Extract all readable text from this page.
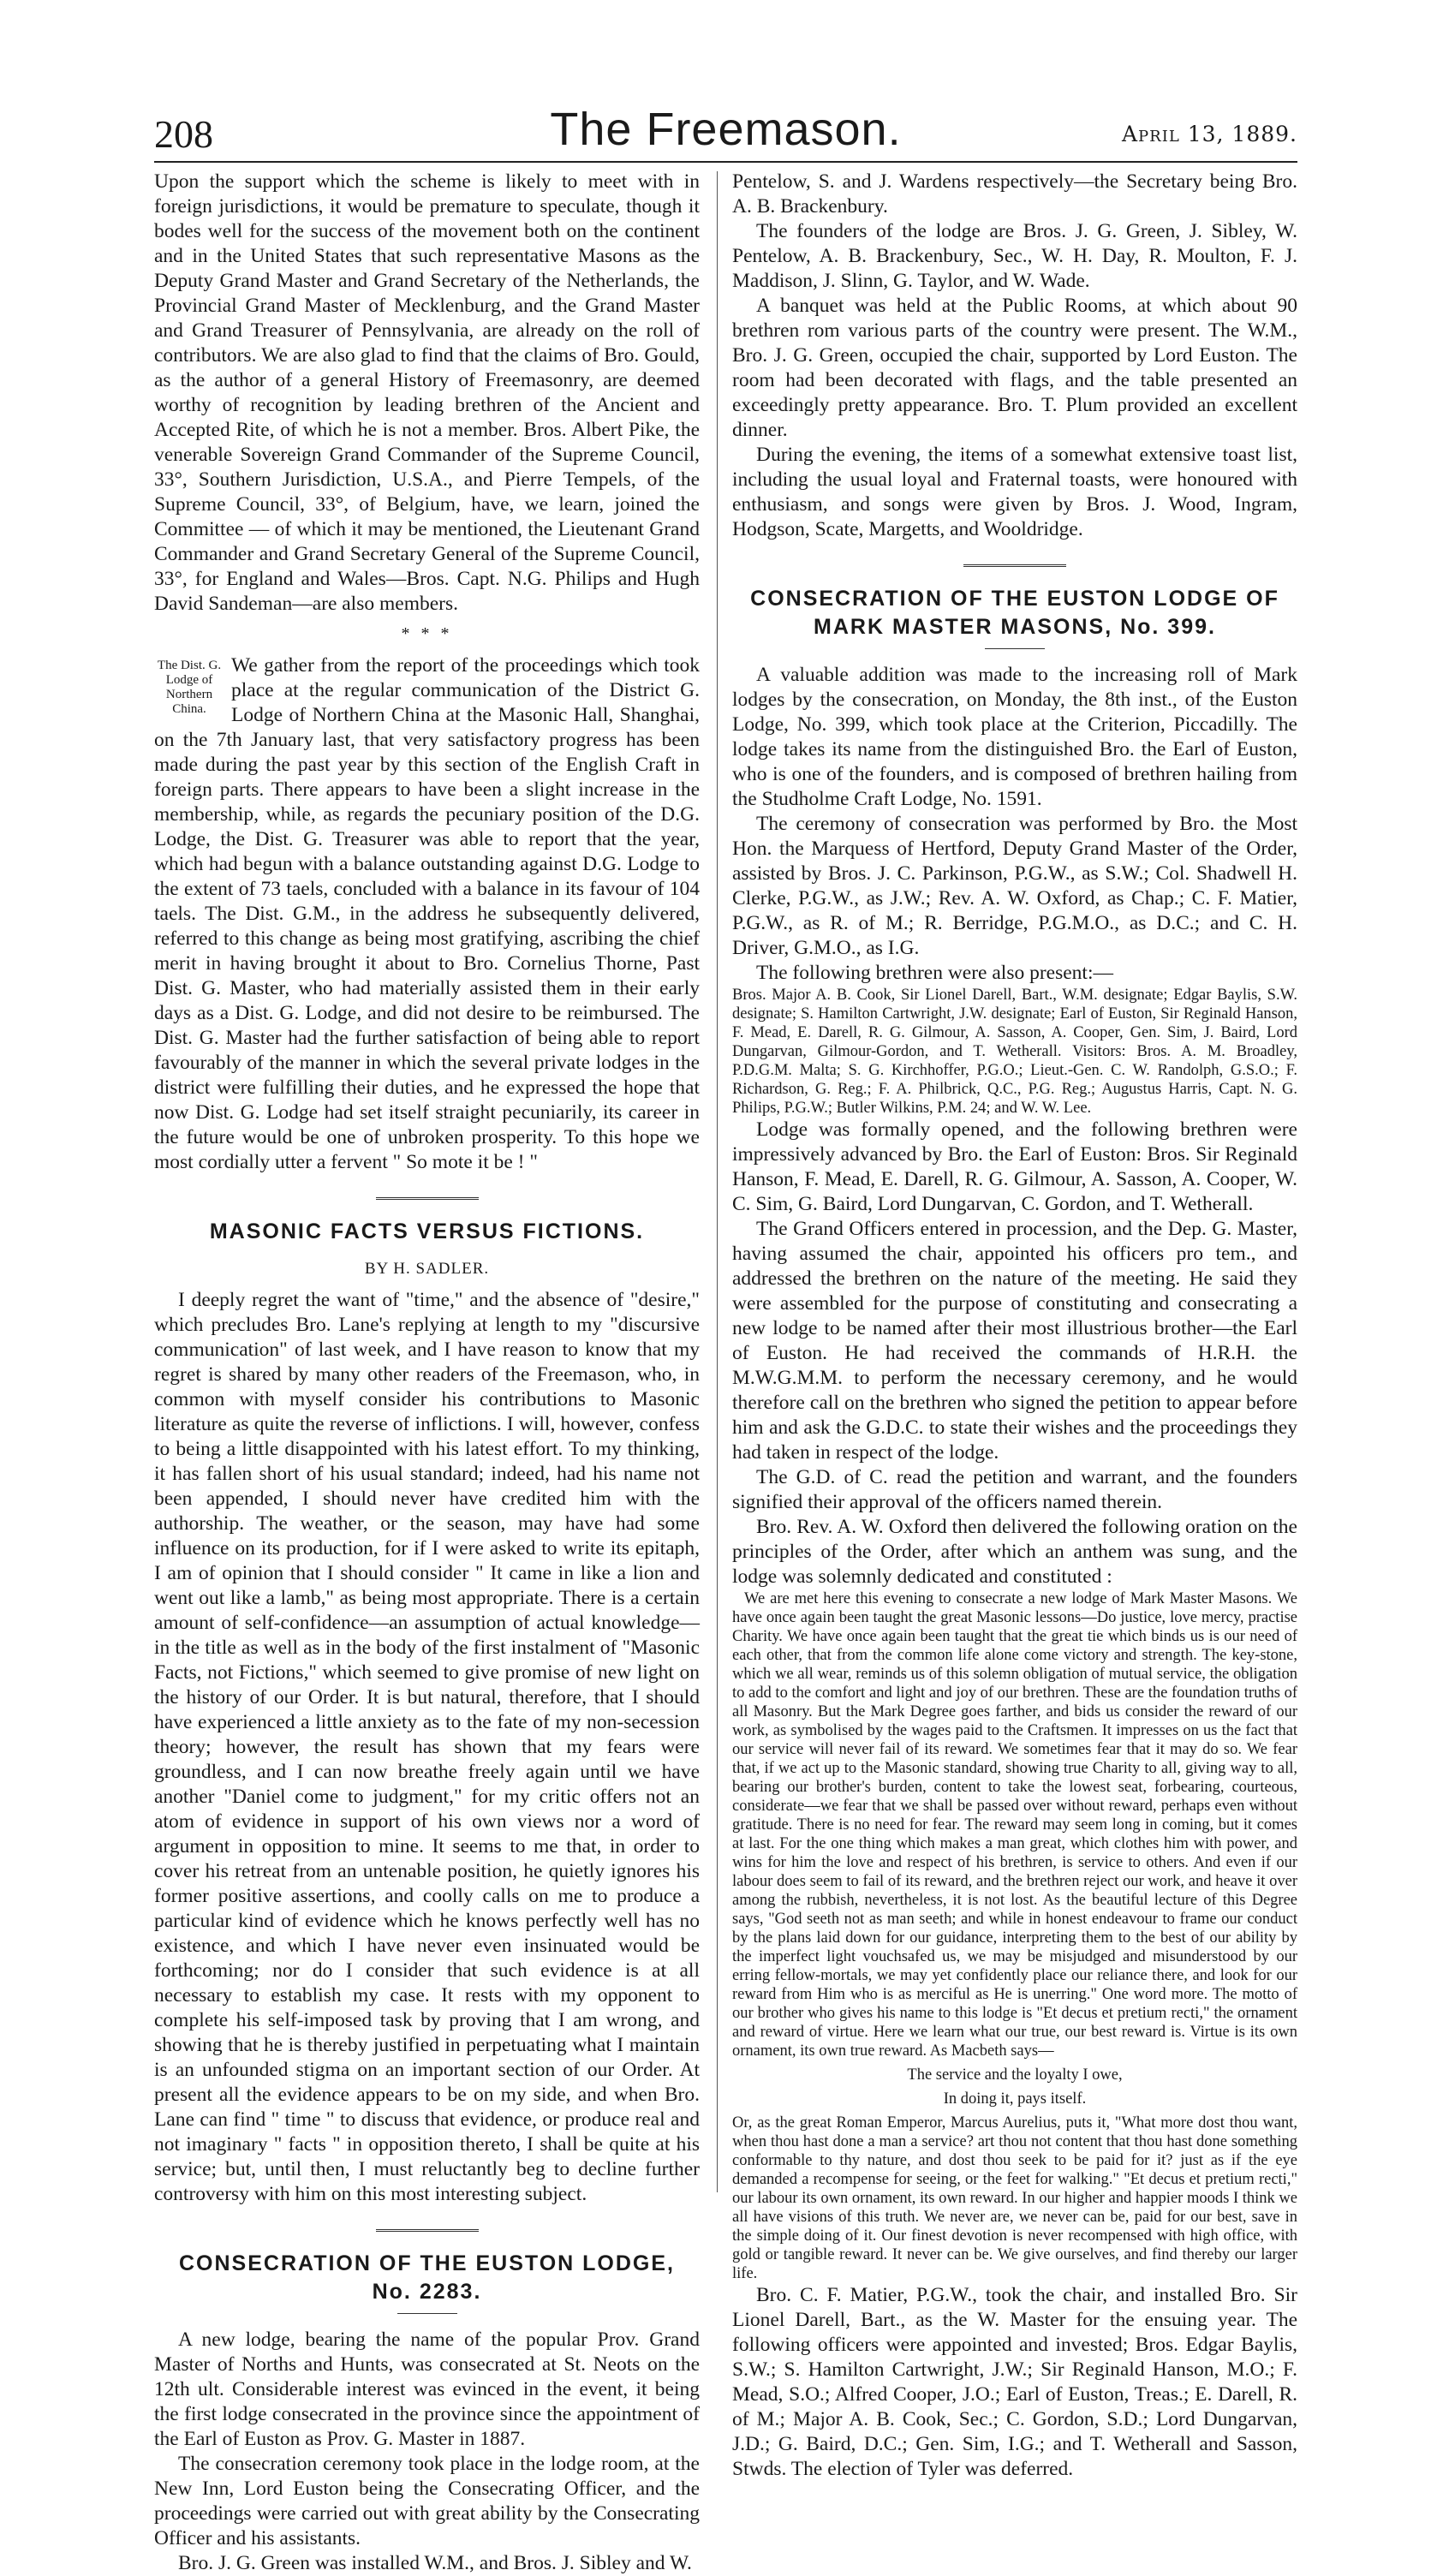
208	The Freemason.	April 13, 1889.

Upon the support which the scheme is likely to meet with in foreign jurisdictions, it would be premature to speculate, though it bodes well for the success of the movement both on the continent and in the United States that such representative Masons as the Deputy Grand Master and Grand Secretary of the Netherlands, the Provincial Grand Master of Mecklenburg, and the Grand Master and Grand Treasurer of Pennsylvania, are already on the roll of contributors. We are also glad to find that the claims of Bro. Gould, as the author of a general History of Freemasonry, are deemed worthy of recognition by leading brethren of the Ancient and Accepted Rite, of which he is not a member. Bros. Albert Pike, the venerable Sovereign Grand Commander of the Supreme Council, 33°, Southern Jurisdiction, U.S.A., and Pierre Tempels, of the Supreme Council, 33°, of Belgium, have, we learn, joined the Committee — of which it may be mentioned, the Lieutenant Grand Commander and Grand Secretary General of the Supreme Council, 33°, for England and Wales—Bros. Capt. N.G. Philips and Hugh David Sandeman—are also members.

* * *
The Dist. G. Lodge of Northern China.

We gather from the report of the proceedings which took place at the regular communication of the District G. Lodge of Northern China at the Masonic Hall, Shanghai, on the 7th January last, that very satisfactory progress has been made during the past year by this section of the English Craft in foreign parts. There appears to have been a slight increase in the membership, while, as regards the pecuniary position of the D.G. Lodge, the Dist. G. Treasurer was able to report that the year, which had begun with a balance outstanding against D.G. Lodge to the extent of 73 taels, concluded with a balance in its favour of 104 taels. The Dist. G.M., in the address he subsequently delivered, referred to this change as being most gratifying, ascribing the chief merit in having brought it about to Bro. Cornelius Thorne, Past Dist. G. Master, who had materially assisted them in their early days as a Dist. G. Lodge, and did not desire to be reimbursed. The Dist. G. Master had the further satisfaction of being able to report favourably of the manner in which the several private lodges in the district were fulfilling their duties, and he expressed the hope that now Dist. G. Lodge had set itself straight pecuniarily, its career in the future would be one of unbroken prosperity. To this hope we most cordially utter a fervent " So mote it be ! "

MASONIC FACTS VERSUS FICTIONS.
BY H. SADLER.

I deeply regret the want of "time," and the absence of "desire," which precludes Bro. Lane's replying at length to my "discursive communication" of last week, and I have reason to know that my regret is shared by many other readers of the Freemason, who, in common with myself consider his contributions to Masonic literature as quite the reverse of inflictions. I will, however, confess to being a little disappointed with his latest effort. To my thinking, it has fallen short of his usual standard; indeed, had his name not been appended, I should never have credited him with the authorship. The weather, or the season, may have had some influence on its production, for if I were asked to write its epitaph, I am of opinion that I should consider " It came in like a lion and went out like a lamb," as being most appropriate. There is a certain amount of self-confidence—an assumption of actual knowledge—in the title as well as in the body of the first instalment of "Masonic Facts, not Fictions," which seemed to give promise of new light on the history of our Order. It is but natural, therefore, that I should have experienced a little anxiety as to the fate of my non-secession theory; however, the result has shown that my fears were groundless, and I can now breathe freely again until we have another "Daniel come to judgment," for my critic offers not an atom of evidence in support of his own views nor a word of argument in opposition to mine. It seems to me that, in order to cover his retreat from an untenable position, he quietly ignores his former positive assertions, and coolly calls on me to produce a particular kind of evidence which he knows perfectly well has no existence, and which I have never even insinuated would be forthcoming; nor do I consider that such evidence is at all necessary to establish my case. It rests with my opponent to complete his self-imposed task by proving that I am wrong, and showing that he is thereby justified in perpetuating what I maintain is an unfounded stigma on an important section of our Order. At present all the evidence appears to be on my side, and when Bro. Lane can find " time " to discuss that evidence, or produce real and not imaginary " facts " in opposition thereto, I shall be quite at his service; but, until then, I must reluctantly beg to decline further controversy with him on this most interesting subject.

CONSECRATION OF THE EUSTON LODGE,
No. 2283.

A new lodge, bearing the name of the popular Prov. Grand Master of Norths and Hunts, was consecrated at St. Neots on the 12th ult. Considerable interest was evinced in the event, it being the first lodge consecrated in the province since the appointment of the Earl of Euston as Prov. G. Master in 1887.

The consecration ceremony took place in the lodge room, at the New Inn, Lord Euston being the Consecrating Officer, and the proceedings were carried out with great ability by the Consecrating Officer and his assistants.

Bro. J. G. Green was installed W.M., and Bros. J. Sibley and W.

Pentelow, S. and J. Wardens respectively—the Secretary being Bro. A. B. Brackenbury.

The founders of the lodge are Bros. J. G. Green, J. Sibley, W. Pentelow, A. B. Brackenbury, Sec., W. H. Day, R. Moulton, F. J. Maddison, J. Slinn, G. Taylor, and W. Wade.

A banquet was held at the Public Rooms, at which about 90 brethren rom various parts of the country were present. The W.M., Bro. J. G. Green, occupied the chair, supported by Lord Euston. The room had been decorated with flags, and the table presented an exceedingly pretty appearance. Bro. T. Plum provided an excellent dinner.

During the evening, the items of a somewhat extensive toast list, including the usual loyal and Fraternal toasts, were honoured with enthusiasm, and songs were given by Bros. J. Wood, Ingram, Hodgson, Scate, Margetts, and Wooldridge.

CONSECRATION OF THE EUSTON LODGE OF
MARK MASTER MASONS, No. 399.

A valuable addition was made to the increasing roll of Mark lodges by the consecration, on Monday, the 8th inst., of the Euston Lodge, No. 399, which took place at the Criterion, Piccadilly. The lodge takes its name from the distinguished Bro. the Earl of Euston, who is one of the founders, and is composed of brethren hailing from the Studholme Craft Lodge, No. 1591.

The ceremony of consecration was performed by Bro. the Most Hon. the Marquess of Hertford, Deputy Grand Master of the Order, assisted by Bros. J. C. Parkinson, P.G.W., as S.W.; Col. Shadwell H. Clerke, P.G.W., as J.W.; Rev. A. W. Oxford, as Chap.; C. F. Matier, P.G.W., as R. of M.; R. Berridge, P.G.M.O., as D.C.; and C. H. Driver, G.M.O., as I.G.

The following brethren were also present:—

Bros. Major A. B. Cook, Sir Lionel Darell, Bart., W.M. designate; Edgar Baylis, S.W. designate; S. Hamilton Cartwright, J.W. designate; Earl of Euston, Sir Reginald Hanson, F. Mead, E. Darell, R. G. Gilmour, A. Sasson, A. Cooper, Gen. Sim, J. Baird, Lord Dungarvan, Gilmour-Gordon, and T. Wetherall. Visitors: Bros. A. M. Broadley, P.D.G.M. Malta; S. G. Kirchhoffer, P.G.O.; Lieut.-Gen. C. W. Randolph, G.S.O.; F. Richardson, G. Reg.; F. A. Philbrick, Q.C., P.G. Reg.; Augustus Harris, Capt. N. G. Philips, P.G.W.; Butler Wilkins, P.M. 24; and W. W. Lee.

Lodge was formally opened, and the following brethren were impressively advanced by Bro. the Earl of Euston: Bros. Sir Reginald Hanson, F. Mead, E. Darell, R. G. Gilmour, A. Sasson, A. Cooper, W. C. Sim, G. Baird, Lord Dungarvan, C. Gordon, and T. Wetherall.

The Grand Officers entered in procession, and the Dep. G. Master, having assumed the chair, appointed his officers pro tem., and addressed the brethren on the nature of the meeting. He said they were assembled for the purpose of constituting and consecrating a new lodge to be named after their most illustrious brother—the Earl of Euston. He had received the commands of H.R.H. the M.W.G.M.M. to perform the necessary ceremony, and he would therefore call on the brethren who signed the petition to appear before him and ask the G.D.C. to state their wishes and the proceedings they had taken in respect of the lodge.

The G.D. of C. read the petition and warrant, and the founders signified their approval of the officers named therein.

Bro. Rev. A. W. Oxford then delivered the following oration on the principles of the Order, after which an anthem was sung, and the lodge was solemnly dedicated and constituted :

We are met here this evening to consecrate a new lodge of Mark Master Masons. We have once again been taught the great Masonic lessons—Do justice, love mercy, practise Charity. We have once again been taught that the great tie which binds us is our need of each other, that from the common life alone come victory and strength. The key-stone, which we all wear, reminds us of this solemn obligation of mutual service, the obligation to add to the comfort and light and joy of our brethren. These are the foundation truths of all Masonry. But the Mark Degree goes farther, and bids us consider the reward of our work, as symbolised by the wages paid to the Craftsmen. It impresses on us the fact that our service will never fail of its reward. We sometimes fear that it may do so. We fear that, if we act up to the Masonic standard, showing true Charity to all, giving way to all, bearing our brother's burden, content to take the lowest seat, forbearing, courteous, considerate—we fear that we shall be passed over without reward, perhaps even without gratitude. There is no need for fear. The reward may seem long in coming, but it comes at last. For the one thing which makes a man great, which clothes him with power, and wins for him the love and respect of his brethren, is service to others. And even if our labour does seem to fail of its reward, and the brethren reject our work, and heave it over among the rubbish, nevertheless, it is not lost. As the beautiful lecture of this Degree says, "God seeth not as man seeth; and while in honest endeavour to frame our conduct by the plans laid down for our guidance, interpreting them to the best of our ability by the imperfect light vouchsafed us, we may be misjudged and misunderstood by our erring fellow-mortals, we may yet confidently place our reliance there, and look for our reward from Him who is as merciful as He is unerring." One word more. The motto of our brother who gives his name to this lodge is "Et decus et pretium recti," the ornament and reward of virtue. Here we learn what our true, our best reward is. Virtue is its own ornament, its own true reward. As Macbeth says—

The service and the loyalty I owe,
In doing it, pays itself.

Or, as the great Roman Emperor, Marcus Aurelius, puts it, "What more dost thou want, when thou hast done a man a service? art thou not content that thou hast done something conformable to thy nature, and dost thou seek to be paid for it? just as if the eye demanded a recompense for seeing, or the feet for walking." "Et decus et pretium recti," our labour its own ornament, its own reward. In our higher and happier moods I think we all have visions of this truth. We never are, we never can be, paid for our best, save in the simple doing of it. Our finest devotion is never recompensed with high office, with gold or tangible reward. It never can be. We give ourselves, and find thereby our larger life.

Bro. C. F. Matier, P.G.W., took the chair, and installed Bro. Sir Lionel Darell, Bart., as the W. Master for the ensuing year. The following officers were appointed and invested; Bros. Edgar Baylis, S.W.; S. Hamilton Cartwright, J.W.; Sir Reginald Hanson, M.O.; F. Mead, S.O.; Alfred Cooper, J.O.; Earl of Euston, Treas.; E. Darell, R. of M.; Major A. B. Cook, Sec.; C. Gordon, S.D.; Lord Dungarvan, J.D.; G. Baird, D.C.; Gen. Sim, I.G.; and T. Wetherall and Sasson, Stwds. The election of Tyler was deferred.
